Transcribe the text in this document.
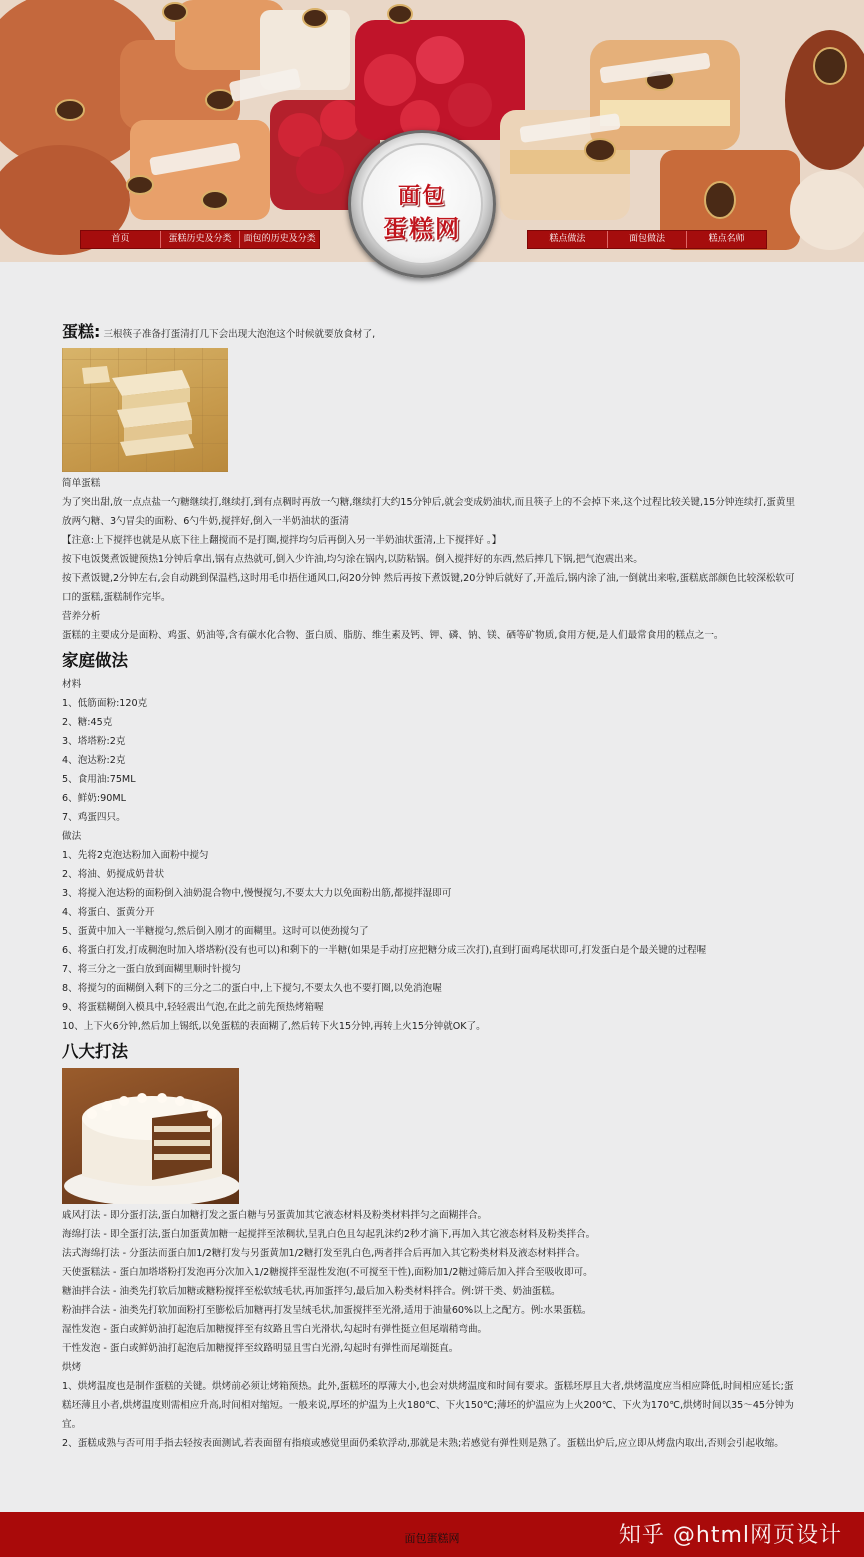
首页	蛋糕历史及分类	面包的历史及分类	糕点做法	面包做法	糕点名师
面包
蛋糕网

蛋糕: 三根筷子准备打蛋清打几下会出现大泡泡这个时候就要放食材了,

简单蛋糕

为了突出甜,放一点点盐一勺糖继续打,继续打,到有点稠时再放一勺糖,继续打大约15分钟后,就会变成奶油状,而且筷子上的不会掉下来,这个过程比较关键,15分钟连续打,蛋黄里放两勺糖、3勺冒尖的面粉、6勺牛奶,搅拌好,倒入一半奶油状的蛋清

【注意:上下搅拌也就是从底下往上翻搅而不是打圈,搅拌均匀后再倒入另一半奶油状蛋清,上下搅拌好 。】

按下电饭煲煮饭键预热1分钟后拿出,锅有点热就可,倒入少许油,均匀涂在锅内,以防粘锅。倒入搅拌好的东西,然后摔几下锅,把气泡震出来。

按下煮饭键,2分钟左右,会自动跳到保温档,这时用毛巾捂住通风口,闷20分钟 然后再按下煮饭键,20分钟后就好了,开盖后,锅内涂了油,一倒就出来啦,蛋糕底部颜色比较深松软可口的蛋糕,蛋糕制作完毕。

营养分析

蛋糕的主要成分是面粉、鸡蛋、奶油等,含有碳水化合物、蛋白质、脂肪、维生素及钙、钾、磷、钠、镁、硒等矿物质,食用方便,是人们最常食用的糕点之一。

家庭做法

材料

1、低筋面粉:120克

2、糖:45克

3、塔塔粉:2克

4、泡达粉:2克

5、食用油:75ML

6、鲜奶:90ML

7、鸡蛋四只。

做法

1、先将2克泡达粉加入面粉中搅匀

2、将油、奶搅成奶昔状

3、将搅入泡达粉的面粉倒入油奶混合物中,慢慢搅匀,不要太大力以免面粉出筋,都搅拌湿即可

4、将蛋白、蛋黄分开

5、蛋黄中加入一半糖搅匀,然后倒入刚才的面糊里。这时可以使劲搅匀了

6、将蛋白打发,打成稠泡时加入塔塔粉(没有也可以)和剩下的一半糖(如果是手动打应把糖分成三次打),直到打面鸡尾状即可,打发蛋白是个最关键的过程喔

7、将三分之一蛋白放到面糊里顺时针搅匀

8、将搅匀的面糊倒入剩下的三分之二的蛋白中,上下搅匀,不要太久也不要打圈,以免消泡喔

9、将蛋糕糊倒入模具中,轻轻震出气泡,在此之前先预热烤箱喔

10、上下火6分钟,然后加上锡纸,以免蛋糕的表面糊了,然后转下火15分钟,再转上火15分钟就OK了。

八大打法

戚风打法 - 即分蛋打法,蛋白加糖打发之蛋白糖与另蛋黄加其它液态材料及粉类材料拌匀之面糊拌合。

海绵打法 - 即全蛋打法,蛋白加蛋黄加糖一起搅拌至浓稠状,呈乳白色且勾起乳沫约2秒才滴下,再加入其它液态材料及粉类拌合。

法式海绵打法 - 分蛋法而蛋白加1/2糖打发与另蛋黄加1/2糖打发至乳白色,两者拌合后再加入其它粉类材料及液态材料拌合。

天使蛋糕法 - 蛋白加塔塔粉打发泡再分次加入1/2糖搅拌至湿性发泡(不可搅至干性),面粉加1/2糖过筛后加入拌合至吸收即可。

糖油拌合法 - 油类先打软后加糖或糖粉搅拌至松软绒毛状,再加蛋拌匀,最后加入粉类材料拌合。例:饼干类、奶油蛋糕。

粉油拌合法 - 油类先打软加面粉打至膨松后加糖再打发呈绒毛状,加蛋搅拌至光滑,适用于油量60%以上之配方。例:水果蛋糕。

湿性发泡 - 蛋白或鲜奶油打起泡后加糖搅拌至有纹路且雪白光滑状,勾起时有弹性挺立但尾端稍弯曲。

干性发泡 - 蛋白或鲜奶油打起泡后加糖搅拌至纹路明显且雪白光滑,勾起时有弹性而尾端挺直。

烘烤

1、烘烤温度也是制作蛋糕的关键。烘烤前必须让烤箱预热。此外,蛋糕坯的厚薄大小,也会对烘烤温度和时间有要求。蛋糕坯厚且大者,烘烤温度应当相应降低,时间相应延长;蛋糕坯薄且小者,烘烤温度则需相应升高,时间相对缩短。一般来说,厚坯的炉温为上火180℃、下火150℃;薄坯的炉温应为上火200℃、下火为170℃,烘烤时间以35～45分钟为宜。

2、蛋糕成熟与否可用手指去轻按表面测试,若表面留有指痕或感觉里面仍柔软浮动,那就是未熟;若感觉有弹性则是熟了。蛋糕出炉后,应立即从烤盘内取出,否则会引起收缩。

面包蛋糕网	知乎 @html网页设计
